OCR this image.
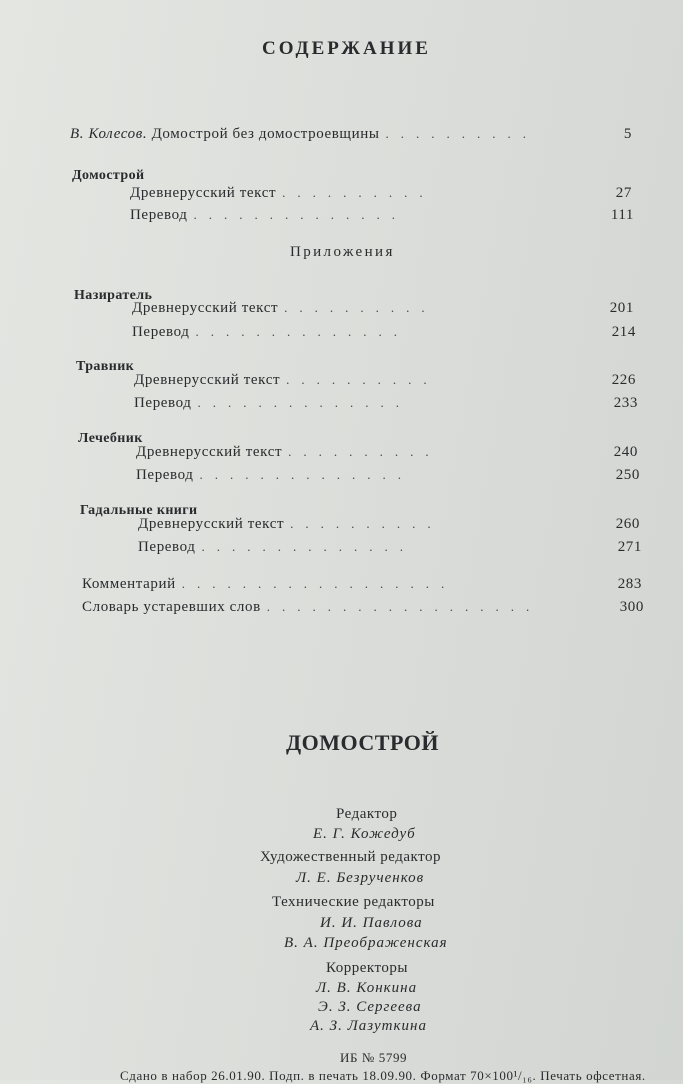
СОДЕРЖАНИЕ
В. Колесов. Домострой без домостроевщины ..........	5
Домострой
Древнерусский текст ..........	27
Перевод ..............	111
Приложения
Назиратель
Древнерусский текст ..........	201
Перевод ..............	214
Травник
Древнерусский текст ..........	226
Перевод ..............	233
Лечебник
Древнерусский текст ..........	240
Перевод ..............	250
Гадальные книги
Древнерусский текст ..........	260
Перевод ..............	271
Комментарий ..................	283
Словарь устаревших слов ..................	300
ДОМОСТРОЙ
Редактор
Е. Г. Кожедуб
Художественный редактор
Л. Е. Безрученков
Технические редакторы
И. И. Павлова
В. А. Преображенская
Корректоры
Л. В. Конкина
Э. З. Сергеева
А. З. Лазуткина
ИБ № 5799
Сдано в набор 26.01.90. Подп. в печать 18.09.90. Формат 70×100¹/₁₆. Печать офсетная.
